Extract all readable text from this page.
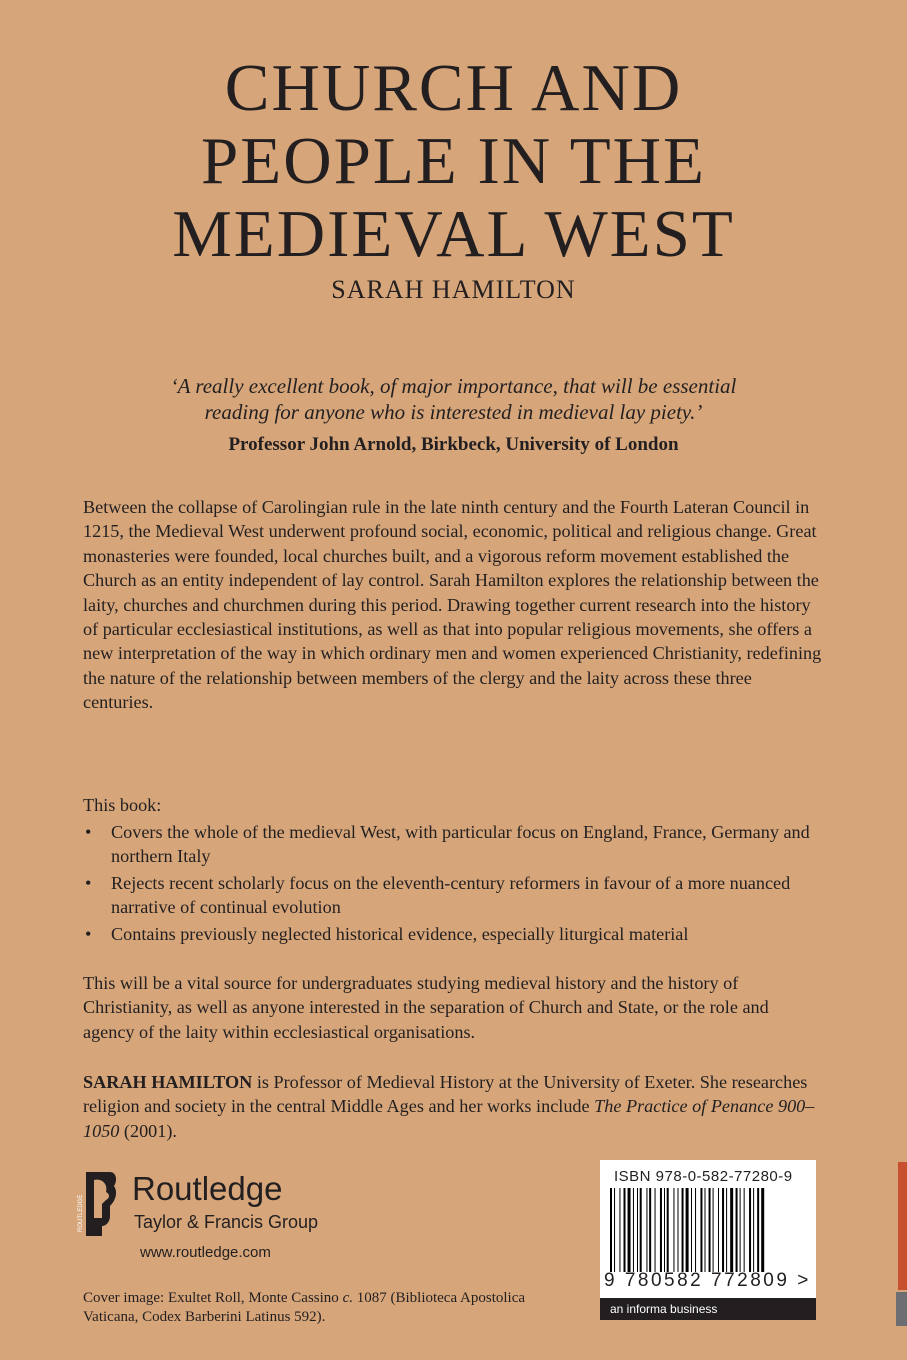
CHURCH AND
PEOPLE IN THE
MEDIEVAL WEST
SARAH HAMILTON
‘A really excellent book, of major importance, that will be essential
reading for anyone who is interested in medieval lay piety.’
Professor John Arnold, Birkbeck, University of London
Between the collapse of Carolingian rule in the late ninth century and the Fourth Lateran Council in 1215, the Medieval West underwent profound social, economic, political and religious change. Great monasteries were founded, local churches built, and a vigorous reform movement established the Church as an entity independent of lay control. Sarah Hamilton explores the relationship between the laity, churches and churchmen during this period. Drawing together current research into the history of particular ecclesiastical institutions, as well as that into popular religious movements, she offers a new interpretation of the way in which ordinary men and women experienced Christianity, redefining the nature of the relationship between members of the clergy and the laity across these three centuries.
This book:
• Covers the whole of the medieval West, with particular focus on England, France, Germany and northern Italy
• Rejects recent scholarly focus on the eleventh-century reformers in favour of a more nuanced narrative of continual evolution
• Contains previously neglected historical evidence, especially liturgical material
This will be a vital source for undergraduates studying medieval history and the history of Christianity, as well as anyone interested in the separation of Church and State, or the role and agency of the laity within ecclesiastical organisations.
SARAH HAMILTON is Professor of Medieval History at the University of Exeter. She researches religion and society in the central Middle Ages and her works include The Practice of Penance 900–1050 (2001).
ROUTLEDGE
Routledge
Taylor & Francis Group
www.routledge.com
Cover image: Exultet Roll, Monte Cassino c. 1087 (Biblioteca Apostolica Vaticana, Codex Barberini Latinus 592).
ISBN 978-0-582-77280-9
9 780582 772809 >
an informa business
